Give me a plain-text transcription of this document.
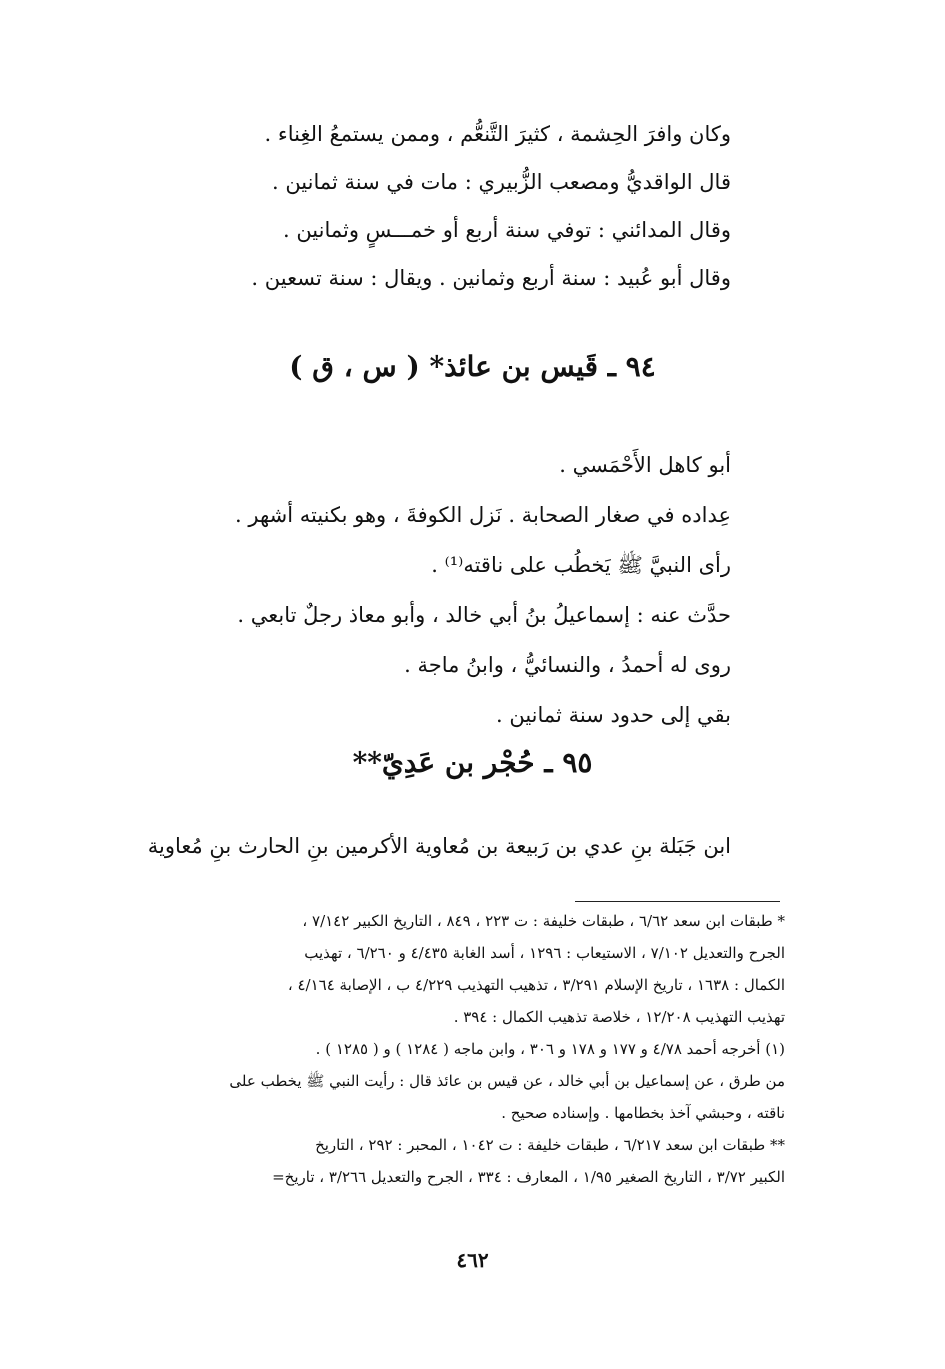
وكان وافرَ الحِشمة ، كثيرَ التَّنعُّم ، وممن يستمعُ الغِناء .
قال الواقديُّ ومصعب الزُّبيري : مات في سنة ثمانين .
وقال المدائني : توفي سنة أربع أو خمـــسٍ وثمانين .
وقال أبو عُبيد : سنة أربع وثمانين . ويقال : سنة تسعين .
٩٤ ـ قَيس بن عائذ* ( س ، ق )
أبو كاهل الأَحْمَسي .
عِداده في صغار الصحابة . نَزل الكوفةَ ، وهو بكنيته أشهر .
رأى النبيَّ ﷺ يَخطُب على ناقته⁽¹⁾ .
حدَّث عنه : إسماعيلُ بنُ أبي خالد ، وأبو معاذ رجلٌ تابعي .
روى له أحمدُ ، والنسائيُّ ، وابنُ ماجة .
بقي إلى حدود سنة ثمانين .
٩٥ ـ حُجْر بن عَدِيّ**
ابن جَبَلة بنِ عدي بن رَبيعة بن مُعاوية الأكرمين بنِ الحارث بنِ مُعاوية
* طبقات ابن سعد ٦/٦٢ ، طبقات خليفة : ت ٢٢٣ ، ٨٤٩ ، التاريخ الكبير ٧/١٤٢ ،
الجرح والتعديل ٧/١٠٢ ، الاستيعاب : ١٢٩٦ ، أسد الغابة ٤/٤٣٥ و ٦/٢٦٠ ، تهذيب
الكمال : ١٦٣٨ ، تاريخ الإسلام ٣/٢٩١ ، تذهيب التهذيب ٤/٢٢٩ ب ، الإصابة ٤/١٦٤ ،
تهذيب التهذيب ١٢/٢٠٨ ، خلاصة تذهيب الكمال : ٣٩٤ .
(١) أخرجه أحمد ٤/٧٨ و ١٧٧ و ١٧٨ و ٣٠٦ ، وابن ماجه ( ١٢٨٤ ) و ( ١٢٨٥ ) .
من طرق ، عن إسماعيل بن أبي خالد ، عن قيس بن عائذ قال : رأيت النبي ﷺ يخطب على
ناقته ، وحبشي آخذ بخطامها . وإسناده صحيح .
** طبقات ابن سعد ٦/٢١٧ ، طبقات خليفة : ت ١٠٤٢ ، المحبر : ٢٩٢ ، التاريخ
الكبير ٣/٧٢ ، التاريخ الصغير ١/٩٥ ، المعارف : ٣٣٤ ، الجرح والتعديل ٣/٢٦٦ ، تاريخ=
٤٦٢
